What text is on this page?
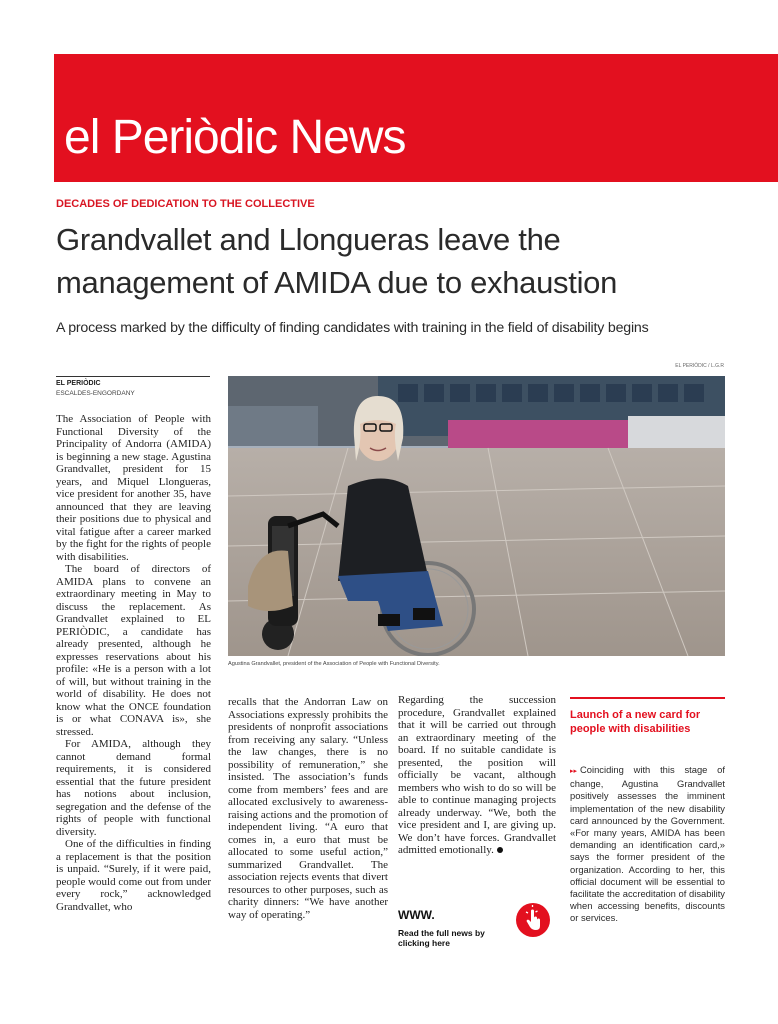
el Periòdic News
DECADES OF DEDICATION TO THE COLLECTIVE
Grandvallet and Llongueras leave the
management of AMIDA due to exhaustion
A process marked by the difficulty of finding candidates with training in the field of disability begins
EL PERIÒDIC / L.G.R
EL PERIÒDIC
ESCALDES-ENGORDANY

The Association of People with Functional Diversity of the Principality of Andorra (AMIDA) is beginning a new stage. Agustina Grandvallet, president for 15 years, and Miquel Llongueras, vice president for another 35, have announced that they are leaving their positions due to physical and vital fatigue after a career marked by the fight for the rights of people with disabilities.

The board of directors of AMIDA plans to convene an extraordinary meeting in May to discuss the replacement. As Grandvallet explained to EL PERIÒDIC, a candidate has already presented, although he expresses reservations about his profile: «He is a person with a lot of will, but without training in the world of disability. He does not know what the ONCE foundation is or what CONAVA is», she stressed.

For AMIDA, although they cannot demand formal requirements, it is considered essential that the future president has notions about inclusion, segregation and the defense of the rights of people with functional diversity.

One of the difficulties in finding a replacement is that the position is unpaid. “Surely, if it were paid, people would come out from under every rock,” acknowledged Grandvallet, who

Agustina Grandvallet, president of the Association of People with Functional Diversity.

recalls that the Andorran Law on Associations expressly prohibits the presidents of nonprofit associations from receiving any salary. “Unless the law changes, there is no possibility of remuneration,” she insisted. The association’s funds come from members’ fees and are allocated exclusively to awareness-raising actions and the promotion of independent living. “A euro that comes in, a euro that must be allocated to some useful action,” summarized Grandvallet. The association rejects events that divert resources to other purposes, such as charity dinners: “We have another way of operating.”

Regarding the succession procedure, Grandvallet explained that it will be carried out through an extraordinary meeting of the board. If no suitable candidate is presented, the position will officially be vacant, although members who wish to do so will be able to continue managing projects already underway. “We, both the vice president and I, are giving up. We don’t have forces. Grandvallet admitted emotionally.

Launch of a new card for people with disabilities
▸▸ Coinciding with this stage of change, Agustina Grandvallet positively assesses the imminent implementation of the new disability card announced by the Government. «For many years, AMIDA has been demanding an identification card,» says the former president of the organization. According to her, this official document will be essential to facilitate the accreditation of disability when accessing benefits, discounts or services.
WWW.
Read the full news by clicking here
